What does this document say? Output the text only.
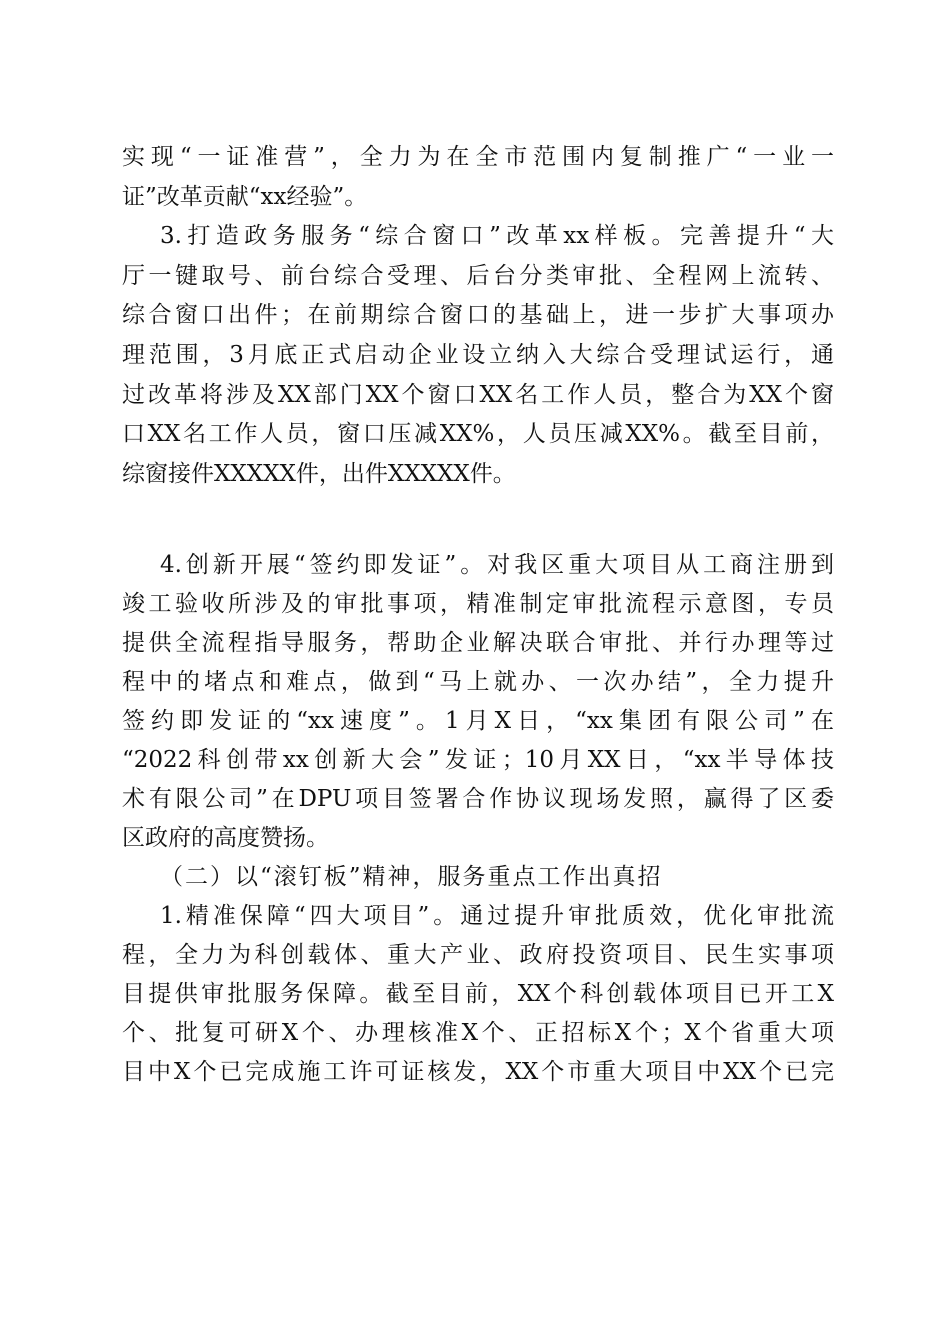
实现“一证准营”，全力为在全市范围内复制推广“一业一
证”改革贡献“xx经验”。
3.打造政务服务“综合窗口”改革xx样板。完善提升“大
厅一键取号、前台综合受理、后台分类审批、全程网上流转、
综合窗口出件；在前期综合窗口的基础上，进一步扩大事项办
理范围，3月底正式启动企业设立纳入大综合受理试运行，通
过改革将涉及XX部门XX个窗口XX名工作人员，整合为XX个窗
口XX名工作人员，窗口压减XX%，人员压减XX%。截至目前，
综窗接件XXXXX件，出件XXXXX件。
4.创新开展“签约即发证”。对我区重大项目从工商注册到
竣工验收所涉及的审批事项，精准制定审批流程示意图，专员
提供全流程指导服务，帮助企业解决联合审批、并行办理等过
程中的堵点和难点，做到“马上就办、一次办结”，全力提升
签约即发证的“xx速度”。1月X日，“xx集团有限公司”在
“2022科创带xx创新大会”发证；10月XX日，“xx半导体技
术有限公司”在DPU项目签署合作协议现场发照，赢得了区委
区政府的高度赞扬。
（二）以“滚钉板”精神，服务重点工作出真招
1.精准保障“四大项目”。通过提升审批质效，优化审批流
程，全力为科创载体、重大产业、政府投资项目、民生实事项
目提供审批服务保障。截至目前，XX个科创载体项目已开工X
个、批复可研X个、办理核准X个、正招标X个；X个省重大项
目中X个已完成施工许可证核发，XX个市重大项目中XX个已完
